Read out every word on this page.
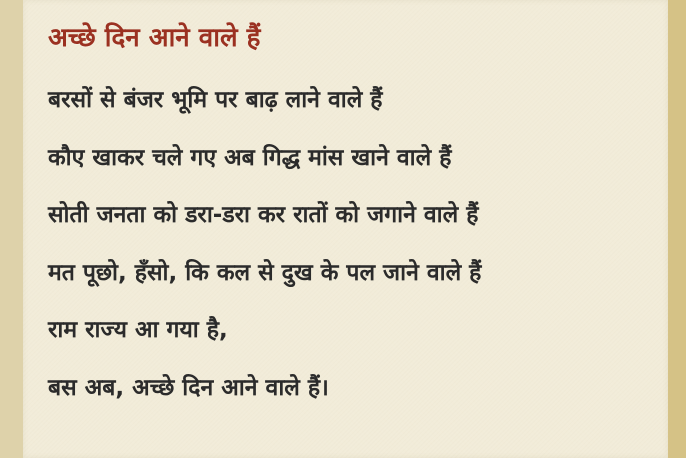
अच्छे दिन आने वाले हैं

बरसों से बंजर भूमि पर बाढ़ लाने वाले हैं

कौए खाकर चले गए अब गिद्ध मांस खाने वाले हैं

सोती जनता को डरा-डरा कर रातों को जगाने वाले हैं

मत पूछो, हँसो, कि कल से दुख के पल जाने वाले हैं

राम राज्य आ गया है,

बस अब, अच्छे दिन आने वाले हैं।
